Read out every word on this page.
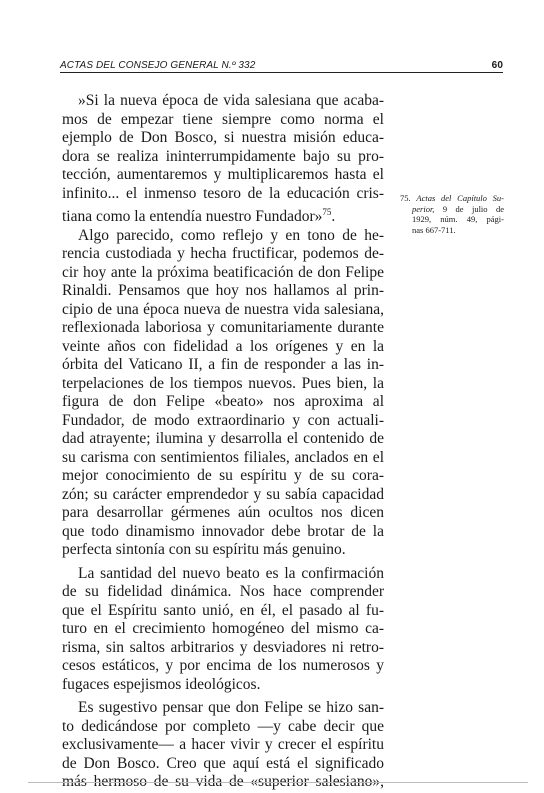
ACTAS DEL CONSEJO GENERAL N.º 332	60
»Si la nueva época de vida salesiana que acaba-
mos de empezar tiene siempre como norma el
ejemplo de Don Bosco, si nuestra misión educa-
dora se realiza ininterrumpidamente bajo su pro-
tección, aumentaremos y multiplicaremos hasta el
infinito... el inmenso tesoro de la educación cris-
tiana como la entendía nuestro Fundador»$^{75}$.
Algo parecido, como reflejo y en tono de he-
rencia custodiada y hecha fructificar, podemos de-
cir hoy ante la próxima beatificación de don Felipe
Rinaldi. Pensamos que hoy nos hallamos al prin-
cipio de una época nueva de nuestra vida salesiana,
reflexionada laboriosa y comunitariamente durante
veinte años con fidelidad a los orígenes y en la
órbita del Vaticano II, a fin de responder a las in-
terpelaciones de los tiempos nuevos. Pues bien, la
figura de don Felipe «beato» nos aproxima al
Fundador, de modo extraordinario y con actuali-
dad atrayente; ilumina y desarrolla el contenido de
su carisma con sentimientos filiales, anclados en el
mejor conocimiento de su espíritu y de su cora-
zón; su carácter emprendedor y su sabía capacidad
para desarrollar gérmenes aún ocultos nos dicen
que todo dinamismo innovador debe brotar de la
perfecta sintonía con su espíritu más genuino.
La santidad del nuevo beato es la confirmación
de su fidelidad dinámica. Nos hace comprender
que el Espíritu santo unió, en él, el pasado al fu-
turo en el crecimiento homogéneo del mismo ca-
risma, sin saltos arbitrarios y desviadores ni retro-
cesos estáticos, y por encima de los numerosos y
fugaces espejismos ideológicos.
Es sugestivo pensar que don Felipe se hizo san-
to dedicándose por completo —y cabe decir que
exclusivamente— a hacer vivir y crecer el espíritu
de Don Bosco. Creo que aquí está el significado
más hermoso de su vida de «superior salesiano»,
75. Actas del Capítulo Su-
perior, 9 de julio de
1929, núm. 49, pági-
nas 667-711.
